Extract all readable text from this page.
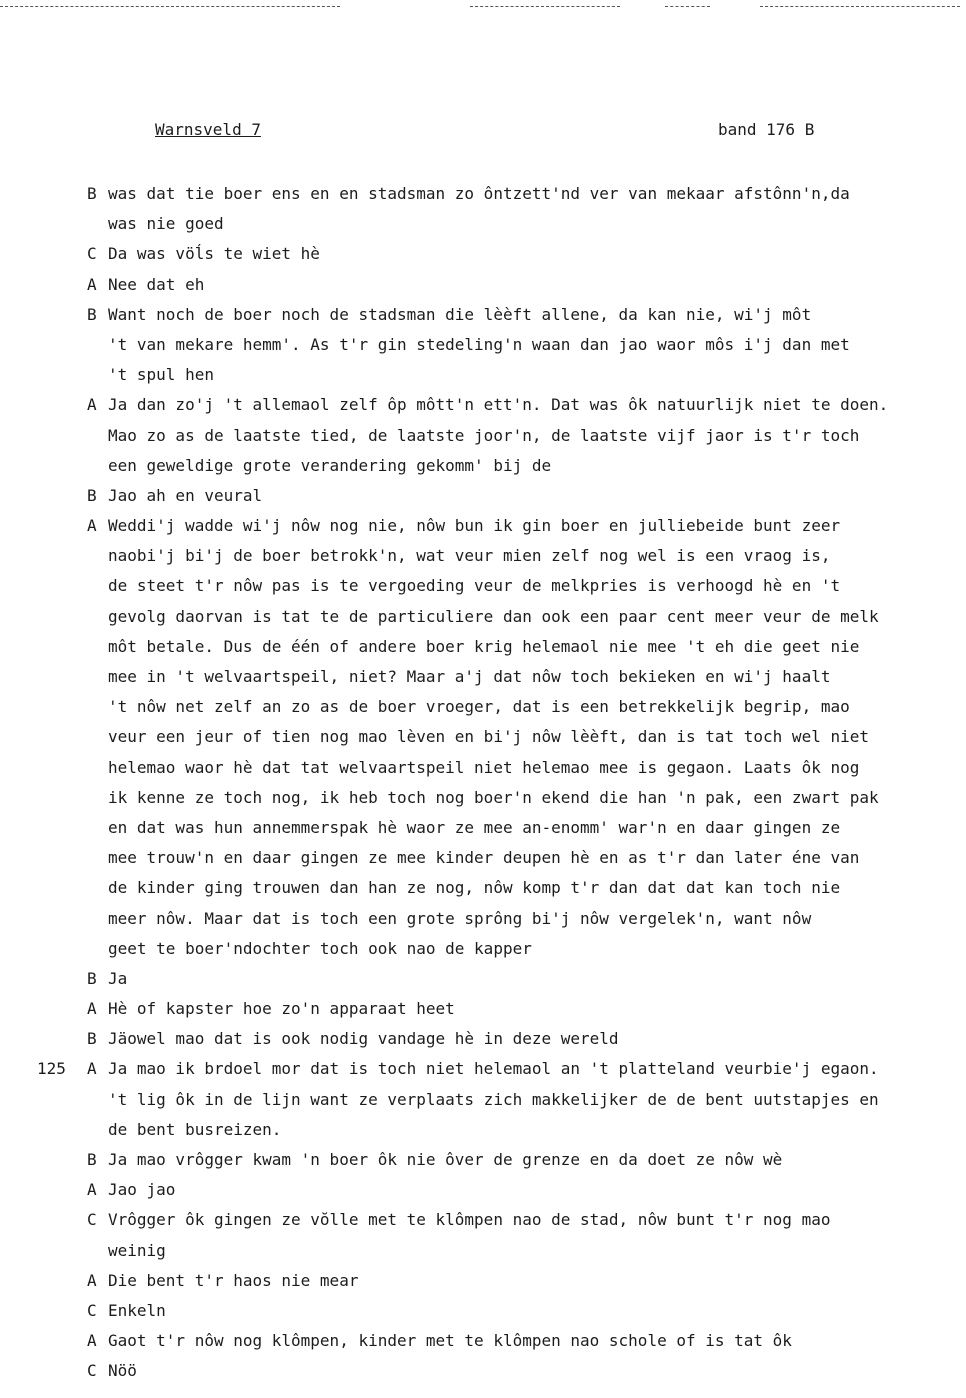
Warnsveld 7	band 176 B
B was dat tie boer ens en en stadsman zo ôntzett'nd ver van mekaar afstônn'n,da
was nie goed
C Da was vöĺs te wiet hè
A Nee dat eh
B Want noch de boer noch de stadsman die lèèft allene, da kan nie, wi'j môt
't van mekare hemm'. As t'r gin stedeling'n waan dan jao waor môs i'j dan met
't spul hen
A Ja dan zo'j 't allemaol zelf ôp môtt'n ett'n. Dat was ôk natuurlijk niet te doen.
Mao zo as de laatste tied, de laatste joor'n, de laatste vijf jaor is t'r toch
een geweldige grote verandering gekomm' bij de
B Jao ah en veural
A Weddi'j wadde wi'j nôw nog nie, nôw bun ik gin boer en julliebeide bunt zeer
naobi'j bi'j de boer betrokk'n, wat veur mien zelf nog wel is een vraog is,
de steet t'r nôw pas is te vergoeding veur de melkpries is verhoogd hè en 't
gevolg daorvan is tat te de particuliere dan ook een paar cent meer veur de melk
môt betale. Dus de één of andere boer krig helemaol nie mee 't eh die geet nie
mee in 't welvaartspeil, niet? Maar a'j dat nôw toch bekieken en wi'j haalt
't nôw net zelf an zo as de boer vroeger, dat is een betrekkelijk begrip, mao
veur een jeur of tien nog mao lèven en bi'j nôw lèèft, dan is tat toch wel niet
helemao waor hè dat tat welvaartspeil niet helemao mee is gegaon. Laats ôk nog
ik kenne ze toch nog, ik heb toch nog boer'n ekend die han 'n pak, een zwart pak
en dat was hun annemmerspak hè waor ze mee an-enomm' war'n en daar gingen ze
mee trouw'n en daar gingen ze mee kinder deupen hè en as t'r dan later éne van
de kinder ging trouwen dan han ze nog, nôw komp t'r dan dat dat kan toch nie
meer nôw. Maar dat is toch een grote sprông bi'j nôw vergelek'n, want nôw
geet te boer'ndochter toch ook nao de kapper
B Ja
A Hè of kapster hoe zo'n apparaat heet
B Jäowel mao dat is ook nodig vandage hè in deze wereld
125 A Ja mao ik brdoel mor dat is toch niet helemaol an 't platteland veurbie'j egaon.
't lig ôk in de lijn want ze verplaats zich makkelijker de de bent uutstapjes en
de bent busreizen.
B Ja mao vrôgger kwam 'n boer ôk nie ôver de grenze en da doet ze nôw wè
A Jao jao
C Vrôgger ôk gingen ze vŏlle met te klômpen nao de stad, nôw bunt t'r nog mao
weinig
A Die bent t'r haos nie mear
C Enkeln
A Gaot t'r nôw nog klômpen, kinder met te klômpen nao schole of is tat ôk
C Nöö
